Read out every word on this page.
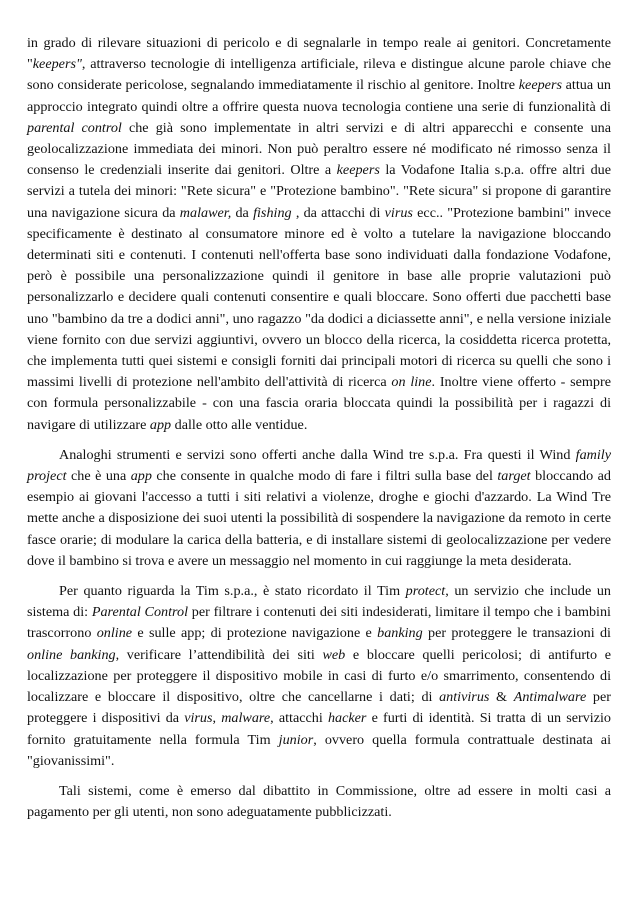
in grado di rilevare situazioni di pericolo e di segnalarle in tempo reale ai genitori. Concretamente "keepers", attraverso tecnologie di intelligenza artificiale, rileva e distingue alcune parole chiave che sono considerate pericolose, segnalando immediatamente il rischio al genitore. Inoltre keepers attua un approccio integrato quindi oltre a offrire questa nuova tecnologia contiene una serie di funzionalità di parental control che già sono implementate in altri servizi e di altri apparecchi e consente una geolocalizzazione immediata dei minori. Non può peraltro essere né modificato né rimosso senza il consenso le credenziali inserite dai genitori. Oltre a keepers la Vodafone Italia s.p.a. offre altri due servizi a tutela dei minori: "Rete sicura" e "Protezione bambino". "Rete sicura" si propone di garantire una navigazione sicura da malawer, da fishing , da attacchi di virus ecc.. "Protezione bambini" invece specificamente è destinato al consumatore minore ed è volto a tutelare la navigazione bloccando determinati siti e contenuti. I contenuti nell'offerta base sono individuati dalla fondazione Vodafone, però è possibile una personalizzazione quindi il genitore in base alle proprie valutazioni può personalizzarlo e decidere quali contenuti consentire e quali bloccare. Sono offerti due pacchetti base uno "bambino da tre a dodici anni", uno ragazzo "da dodici a diciassette anni", e nella versione iniziale viene fornito con due servizi aggiuntivi, ovvero un blocco della ricerca, la cosiddetta ricerca protetta, che implementa tutti quei sistemi e consigli forniti dai principali motori di ricerca su quelli che sono i massimi livelli di protezione nell'ambito dell'attività di ricerca on line. Inoltre viene offerto - sempre con formula personalizzabile - con una fascia oraria bloccata quindi la possibilità per i ragazzi di navigare di utilizzare app dalle otto alle ventidue.

Analoghi strumenti e servizi sono offerti anche dalla Wind tre s.p.a. Fra questi il Wind family project che è una app che consente in qualche modo di fare i filtri sulla base del target bloccando ad esempio ai giovani l'accesso a tutti i siti relativi a violenze, droghe e giochi d'azzardo. La Wind Tre mette anche a disposizione dei suoi utenti la possibilità di sospendere la navigazione da remoto in certe fasce orarie; di modulare la carica della batteria, e di installare sistemi di geolocalizzazione per vedere dove il bambino si trova e avere un messaggio nel momento in cui raggiunge la meta desiderata.

Per quanto riguarda la Tim s.p.a., è stato ricordato il Tim protect, un servizio che include un sistema di: Parental Control per filtrare i contenuti dei siti indesiderati, limitare il tempo che i bambini trascorrono online e sulle app; di protezione navigazione e banking per proteggere le transazioni di online banking, verificare l’attendibilità dei siti web e bloccare quelli pericolosi; di antifurto e localizzazione per proteggere il dispositivo mobile in casi di furto e/o smarrimento, consentendo di localizzare e bloccare il dispositivo, oltre che cancellarne i dati; di antivirus & Antimalware per proteggere i dispositivi da virus, malware, attacchi hacker e furti di identità. Si tratta di un servizio fornito gratuitamente nella formula Tim junior, ovvero quella formula contrattuale destinata ai "giovanissimi".

Tali sistemi, come è emerso dal dibattito in Commissione, oltre ad essere in molti casi a pagamento per gli utenti, non sono adeguatamente pubblicizzati.
